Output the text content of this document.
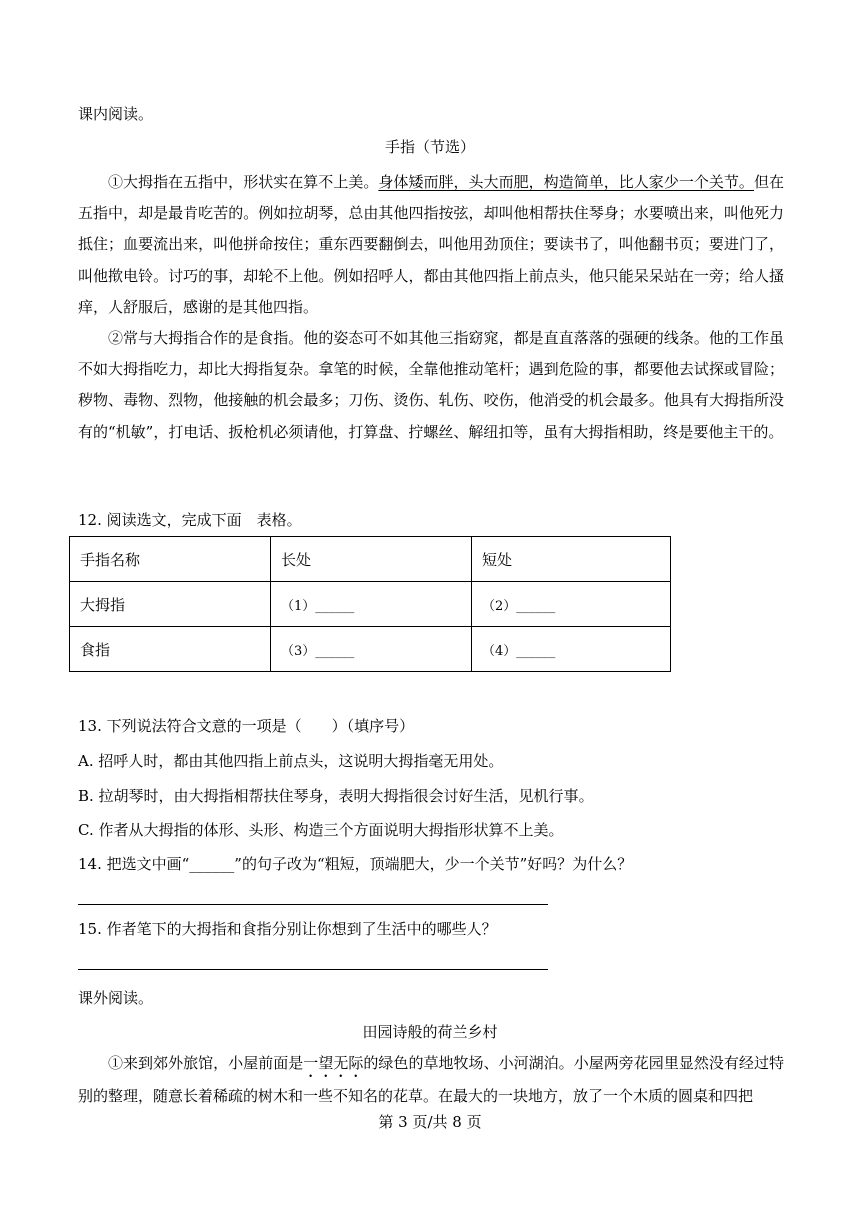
课内阅读。
手指（节选）

①大拇指在五指中，形状实在算不上美。身体矮而胖，头大而肥，构造简单，比人家少一个关节。但在五指中，却是最肯吃苦的。例如拉胡琴，总由其他四指按弦，却叫他相帮扶住琴身；水要喷出来，叫他死力抵住；血要流出来，叫他拼命按住；重东西要翻倒去，叫他用劲顶住；要读书了，叫他翻书页；要进门了，叫他揿电铃。讨巧的事，却轮不上他。例如招呼人，都由其他四指上前点头，他只能呆呆站在一旁；给人搔痒，人舒服后，感谢的是其他四指。

②常与大拇指合作的是食指。他的姿态可不如其他三指窈窕，都是直直落落的强硬的线条。他的工作虽不如大拇指吃力，却比大拇指复杂。拿笔的时候，全靠他推动笔杆；遇到危险的事，都要他去试探或冒险；秽物、毒物、烈物，他接触的机会最多；刀伤、烫伤、轧伤、咬伤，他消受的机会最多。他具有大拇指所没有的“机敏”，打电话、扳枪机必须请他，打算盘、拧螺丝、解纽扣等，虽有大拇指相助，终是要他主干的。

12. 阅读选文，完成下面　表格。
手指名称	长处	短处
大拇指	（1）______	（2）______
食指	（3）______	（4）______
13. 下列说法符合文意的一项是（　　）（填序号）
A. 招呼人时，都由其他四指上前点头，这说明大拇指毫无用处。
B. 拉胡琴时，由大拇指相帮扶住琴身，表明大拇指很会讨好生活，见机行事。
C. 作者从大拇指的体形、头形、构造三个方面说明大拇指形状算不上美。
14. 把选文中画“______”的句子改为“粗短，顶端肥大，少一个关节”好吗？为什么？
15. 作者笔下的大拇指和食指分别让你想到了生活中的哪些人？
课外阅读。
田园诗般的荷兰乡村

①来到郊外旅馆，小屋前面是一望无际的绿色的草地牧场、小河湖泊。小屋两旁花园里显然没有经过特别的整理，随意长着稀疏的树木和一些不知名的花草。在最大的一块地方，放了一个木质的圆桌和四把

第 3 页/共 8 页
